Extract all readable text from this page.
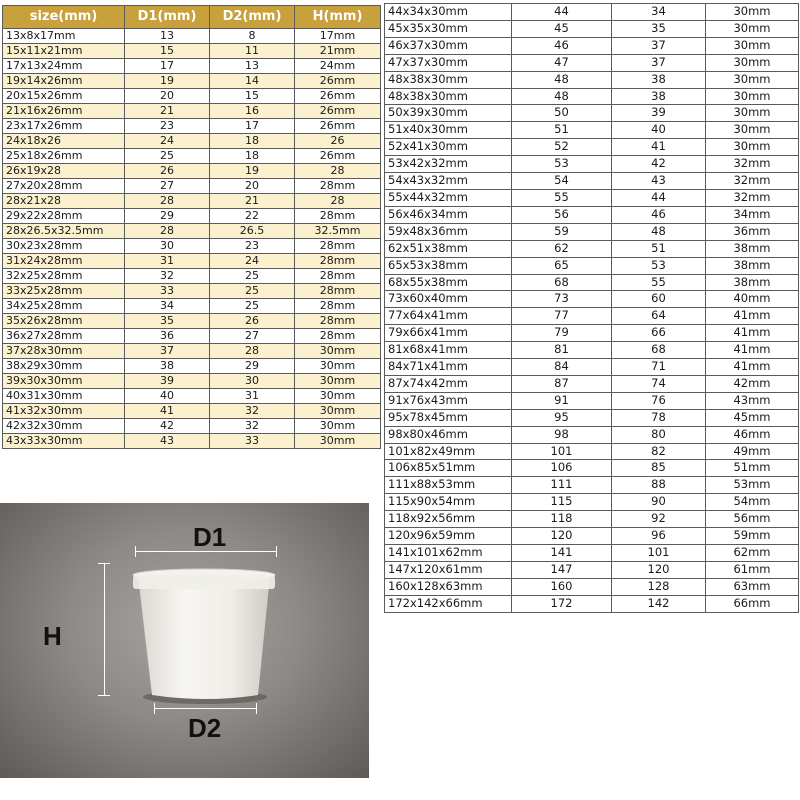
size(mm)	D1(mm)	D2(mm)	H(mm)
13x8x17mm	13	8	17mm
15x11x21mm	15	11	21mm
17x13x24mm	17	13	24mm
19x14x26mm	19	14	26mm
20x15x26mm	20	15	26mm
21x16x26mm	21	16	26mm
23x17x26mm	23	17	26mm
24x18x26	24	18	26
25x18x26mm	25	18	26mm
26x19x28	26	19	28
27x20x28mm	27	20	28mm
28x21x28	28	21	28
29x22x28mm	29	22	28mm
28x26.5x32.5mm	28	26.5	32.5mm
30x23x28mm	30	23	28mm
31x24x28mm	31	24	28mm
32x25x28mm	32	25	28mm
33x25x28mm	33	25	28mm
34x25x28mm	34	25	28mm
35x26x28mm	35	26	28mm
36x27x28mm	36	27	28mm
37x28x30mm	37	28	30mm
38x29x30mm	38	29	30mm
39x30x30mm	39	30	30mm
40x31x30mm	40	31	30mm
41x32x30mm	41	32	30mm
42x32x30mm	42	32	30mm
43x33x30mm	43	33	30mm
44x34x30mm	44	34	30mm
45x35x30mm	45	35	30mm
46x37x30mm	46	37	30mm
47x37x30mm	47	37	30mm
48x38x30mm	48	38	30mm
48x38x30mm	48	38	30mm
50x39x30mm	50	39	30mm
51x40x30mm	51	40	30mm
52x41x30mm	52	41	30mm
53x42x32mm	53	42	32mm
54x43x32mm	54	43	32mm
55x44x32mm	55	44	32mm
56x46x34mm	56	46	34mm
59x48x36mm	59	48	36mm
62x51x38mm	62	51	38mm
65x53x38mm	65	53	38mm
68x55x38mm	68	55	38mm
73x60x40mm	73	60	40mm
77x64x41mm	77	64	41mm
79x66x41mm	79	66	41mm
81x68x41mm	81	68	41mm
84x71x41mm	84	71	41mm
87x74x42mm	87	74	42mm
91x76x43mm	91	76	43mm
95x78x45mm	95	78	45mm
98x80x46mm	98	80	46mm
101x82x49mm	101	82	49mm
106x85x51mm	106	85	51mm
111x88x53mm	111	88	53mm
115x90x54mm	115	90	54mm
118x92x56mm	118	92	56mm
120x96x59mm	120	96	59mm
141x101x62mm	141	101	62mm
147x120x61mm	147	120	61mm
160x128x63mm	160	128	63mm
172x142x66mm	172	142	66mm
D1
D2
H
